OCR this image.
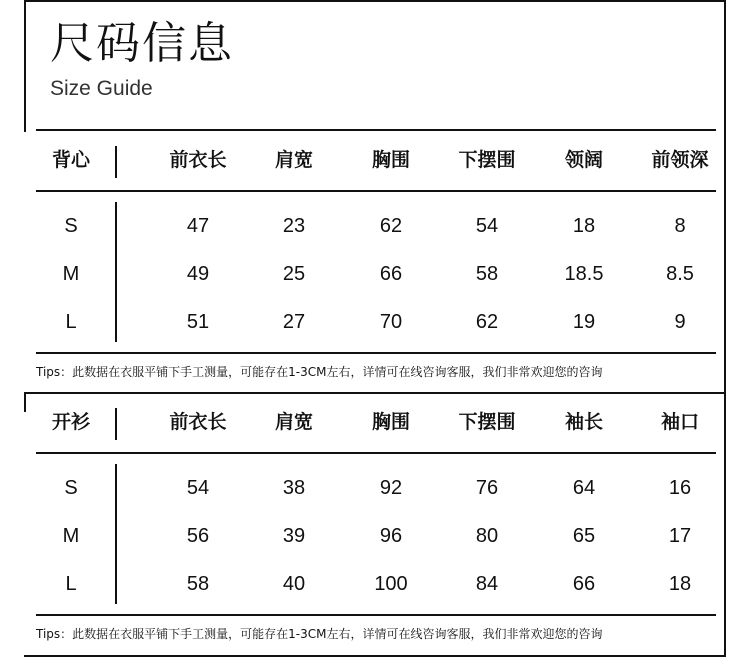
尺码信息
Size Guide
背心	前衣长	肩宽	胸围	下摆围	领阔	前领深
S	47	23	62	54	18	8
M	49	25	66	58	18.5	8.5
L	51	27	70	62	19	9
Tips：此数据在衣服平铺下手工测量，可能存在1-3CM左右，详情可在线咨询客服，我们非常欢迎您的咨询
开衫	前衣长	肩宽	胸围	下摆围	袖长	袖口
S	54	38	92	76	64	16
M	56	39	96	80	65	17
L	58	40	100	84	66	18
Tips：此数据在衣服平铺下手工测量，可能存在1-3CM左右，详情可在线咨询客服，我们非常欢迎您的咨询
